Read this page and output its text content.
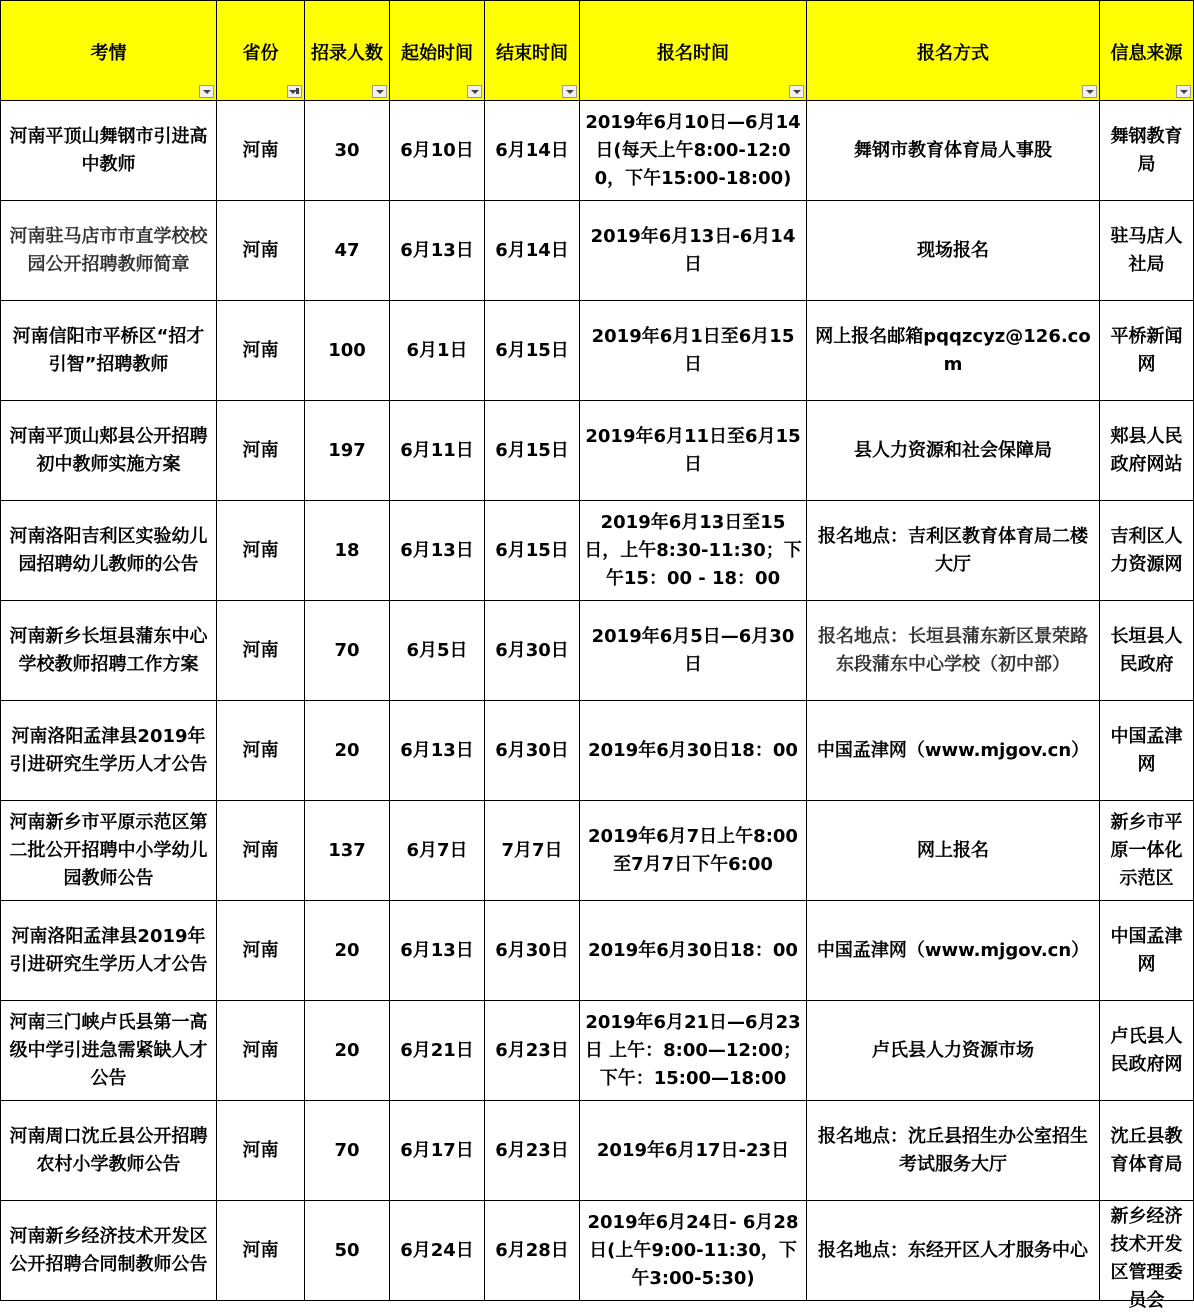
考情	省份	招录人数	起始时间	结束时间	报名时间	报名方式	信息来源

河南平顶山舞钢市引进高中教师	河南	30	6月10日	6月14日	2019年6月10日—6月14日(每天上午8:00-12:00，下午15:00-18:00)	舞钢市教育体育局人事股	舞钢教育局

河南驻马店市市直学校校园公开招聘教师简章	河南	47	6月13日	6月14日	2019年6月13日-6月14日	现场报名	驻马店人社局

河南信阳市平桥区“招才引智”招聘教师	河南	100	6月1日	6月15日	2019年6月1日至6月15日	网上报名邮箱pqqzcyz@126.com	平桥新闻网

河南平顶山郏县公开招聘初中教师实施方案	河南	197	6月11日	6月15日	2019年6月11日至6月15日	县人力资源和社会保障局	郏县人民政府网站

河南洛阳吉利区实验幼儿园招聘幼儿教师的公告	河南	18	6月13日	6月15日	2019年6月13日至15日，上午8:30-11:30；下午15：00 - 18：00	报名地点：吉利区教育体育局二楼大厅	吉利区人力资源网

河南新乡长垣县蒲东中心学校教师招聘工作方案	河南	70	6月5日	6月30日	2019年6月5日—6月30日	报名地点：长垣县蒲东新区景荣路东段蒲东中心学校（初中部）	长垣县人民政府

河南洛阳孟津县2019年引进研究生学历人才公告	河南	20	6月13日	6月30日	2019年6月30日18：00	中国孟津网（www.mjgov.cn）	中国孟津网

河南新乡市平原示范区第二批公开招聘中小学幼儿园教师公告	河南	137	6月7日	7月7日	2019年6月7日上午8:00至7月7日下午6:00	网上报名	新乡市平原一体化示范区

河南洛阳孟津县2019年引进研究生学历人才公告	河南	20	6月13日	6月30日	2019年6月30日18：00	中国孟津网（www.mjgov.cn）	中国孟津网

河南三门峡卢氏县第一高级中学引进急需紧缺人才公告	河南	20	6月21日	6月23日	2019年6月21日—6月23日 上午：8:00—12:00；下午：15:00—18:00	卢氏县人力资源市场	卢氏县人民政府网

河南周口沈丘县公开招聘农村小学教师公告	河南	70	6月17日	6月23日	2019年6月17日-23日	报名地点：沈丘县招生办公室招生考试服务大厅	沈丘县教育体育局

河南新乡经济技术开发区公开招聘合同制教师公告	河南	50	6月24日	6月28日	2019年6月24日- 6月28日(上午9:00-11:30，下午3:00-5:30)	报名地点：东经开区人才服务中心	新乡经济技术开发区管理委员会
